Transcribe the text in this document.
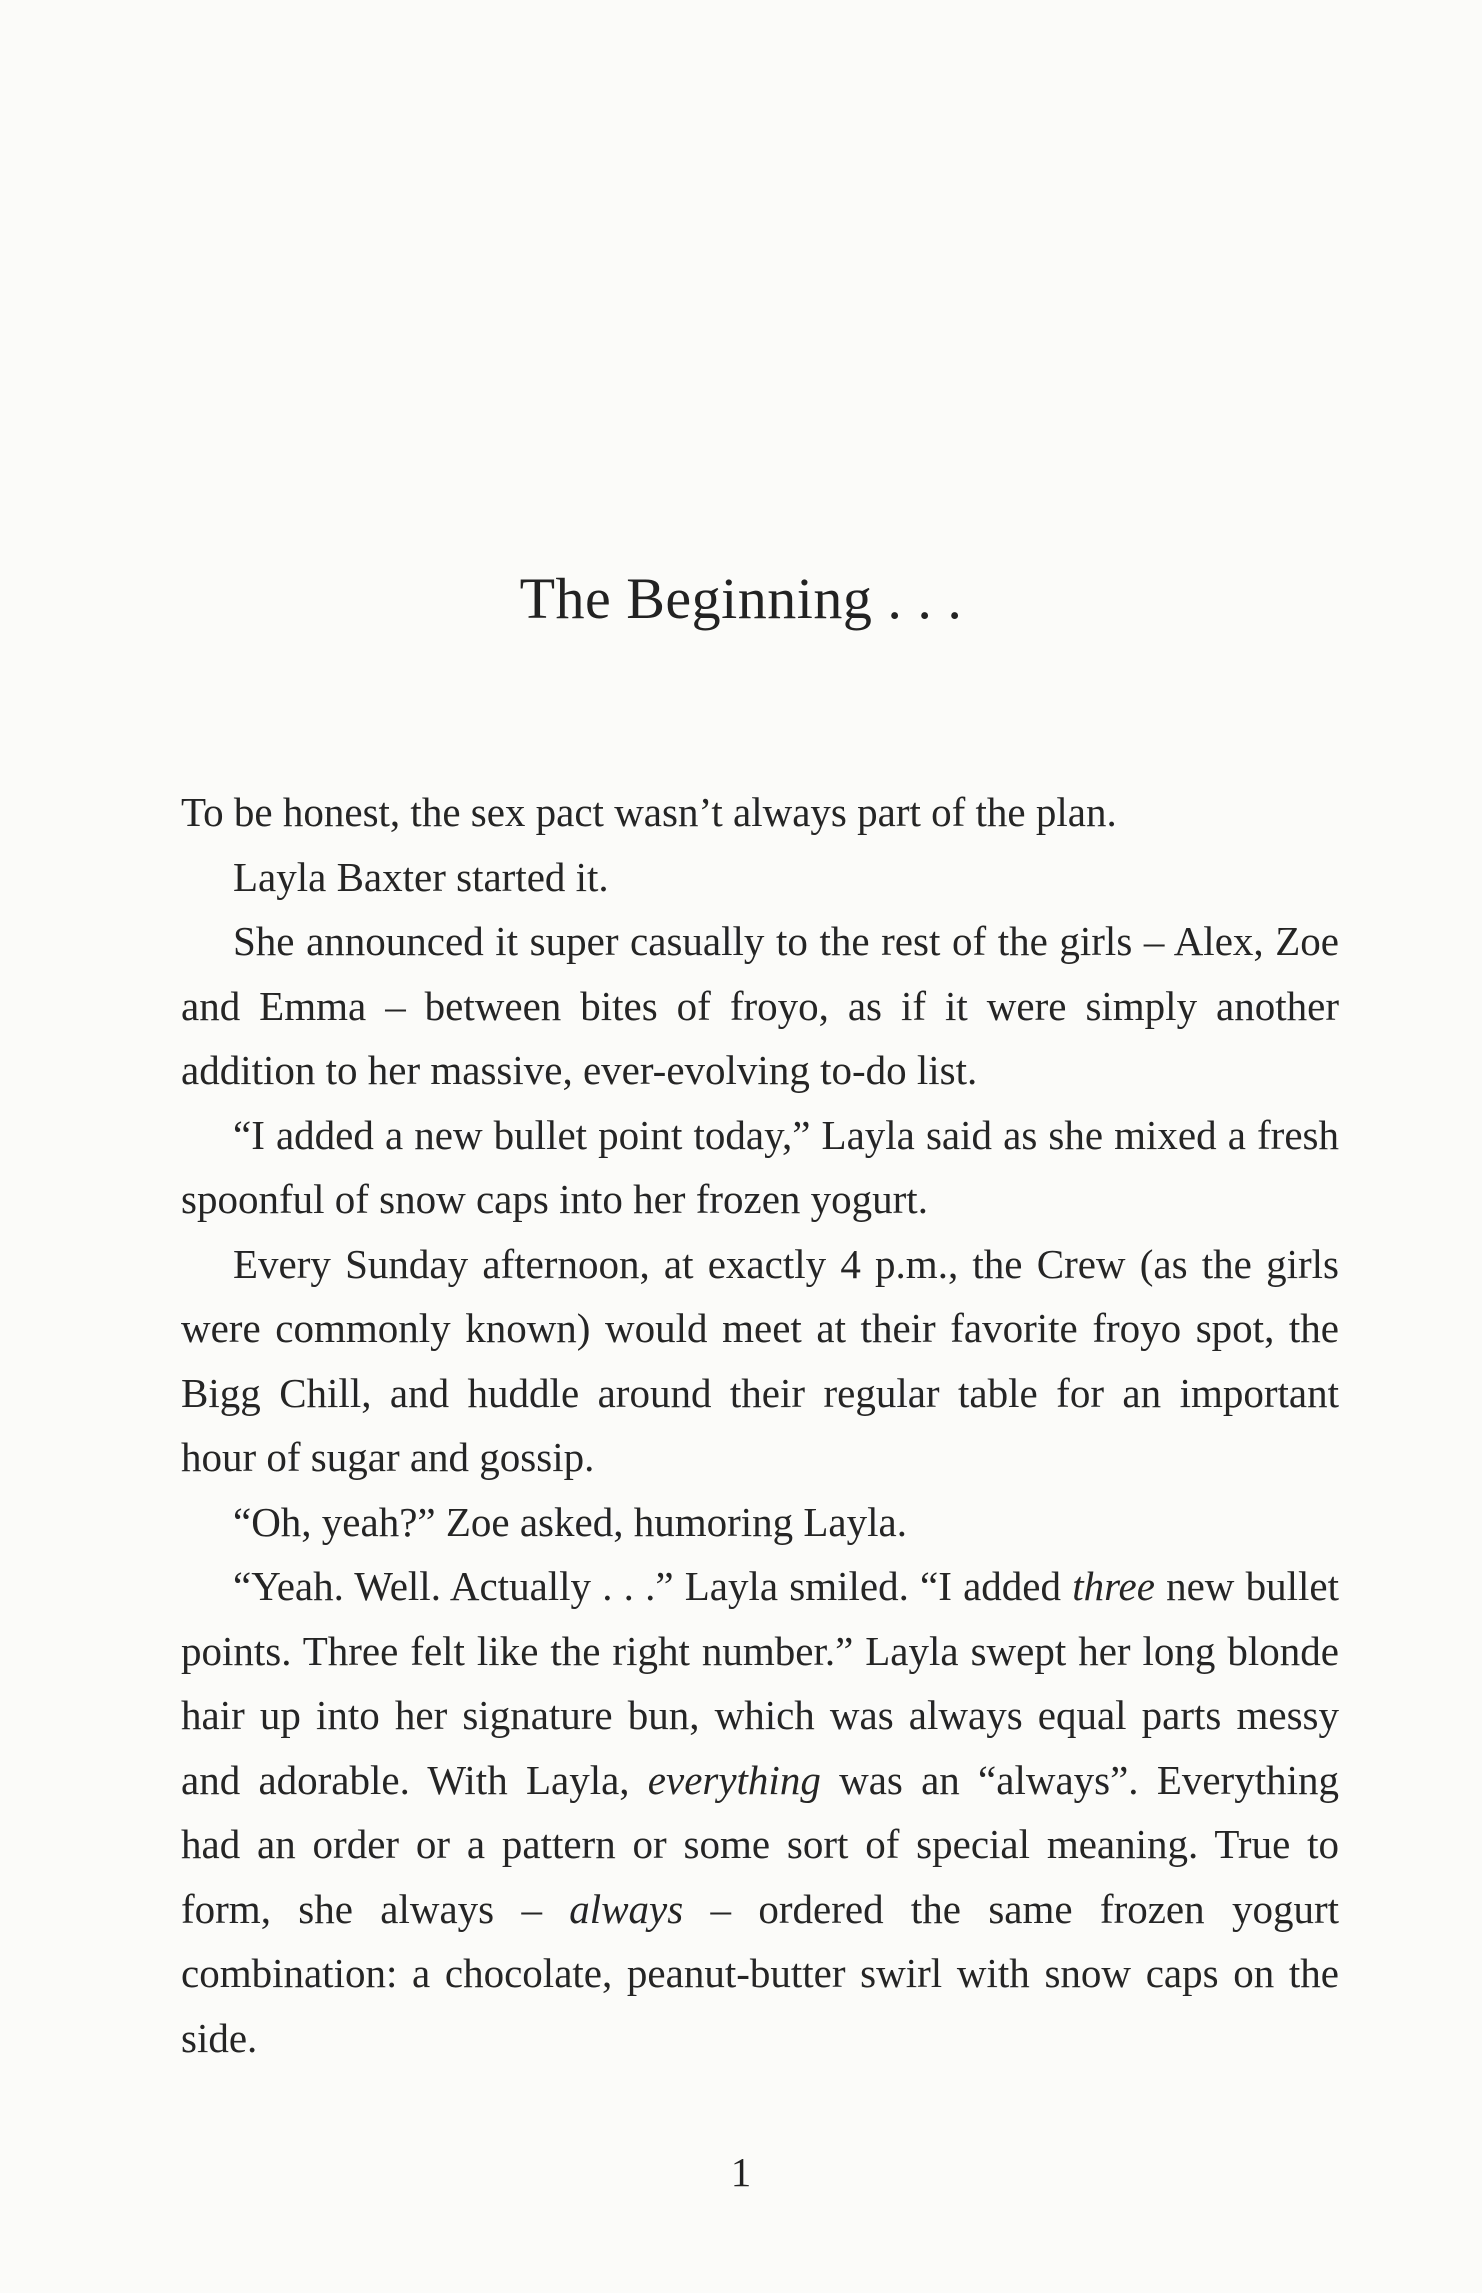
The Beginning . . .

To be honest, the sex pact wasn’t always part of the plan.

Layla Baxter started it.

She announced it super casually to the rest of the girls – Alex, Zoe and Emma – between bites of froyo, as if it were simply another addition to her massive, ever-evolving to-do list.

“I added a new bullet point today,” Layla said as she mixed a fresh spoonful of snow caps into her frozen yogurt.

Every Sunday afternoon, at exactly 4 p.m., the Crew (as the girls were commonly known) would meet at their favorite froyo spot, the Bigg Chill, and huddle around their regular table for an important hour of sugar and gossip.

“Oh, yeah?” Zoe asked, humoring Layla.

“Yeah. Well. Actually . . .” Layla smiled. “I added three new bullet points. Three felt like the right number.” Layla swept her long blonde hair up into her signature bun, which was always equal parts messy and adorable. With Layla, everything was an “always”. Everything had an order or a pattern or some sort of special meaning. True to form, she always – always – ordered the same frozen yogurt combination: a chocolate, peanut-butter swirl with snow caps on the side.

1
